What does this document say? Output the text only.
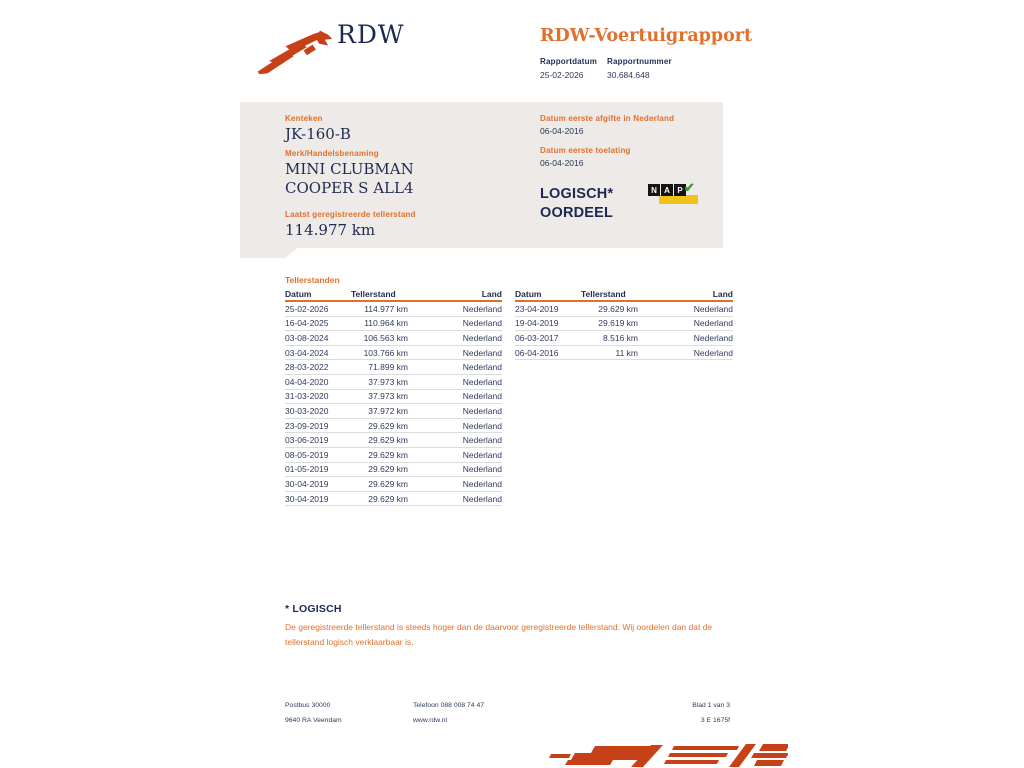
RDW	RDW-Voertuigrapport
Rapportdatum
25-02-2026
Rapportnummer
30.684.648
Kenteken
JK-160-B
Merk/Handelsbenaming
MINI CLUBMAN
COOPER S ALL4
Laatst geregistreerde tellerstand
114.977 km
Datum eerste afgifte in Nederland
06-04-2016
Datum eerste toelating
06-04-2016
LOGISCH*
OORDEEL
N A P ✔
Tellerstanden
Datum	Tellerstand	Land
25-02-2026	114.977 km	Nederland
16-04-2025	110.964 km	Nederland
03-08-2024	106.563 km	Nederland
03-04-2024	103.766 km	Nederland
28-03-2022	71.899 km	Nederland
04-04-2020	37.973 km	Nederland
31-03-2020	37.973 km	Nederland
30-03-2020	37.972 km	Nederland
23-09-2019	29.629 km	Nederland
03-06-2019	29.629 km	Nederland
08-05-2019	29.629 km	Nederland
01-05-2019	29.629 km	Nederland
30-04-2019	29.629 km	Nederland
30-04-2019	29.629 km	Nederland
Datum	Tellerstand	Land
23-04-2019	29.629 km	Nederland
19-04-2019	29.619 km	Nederland
06-03-2017	8.516 km	Nederland
06-04-2016	11 km	Nederland
* LOGISCH
De geregistreerde tellerstand is steeds hoger dan de daarvoor geregistreerde tellerstand. Wij oordelen dan dat de tellerstand logisch verklaarbaar is.
Postbus 30000
9640 RA Veendam
Telefoon 088 008 74 47
www.rdw.nl
Blad 1 van 3
3 E 1675f
